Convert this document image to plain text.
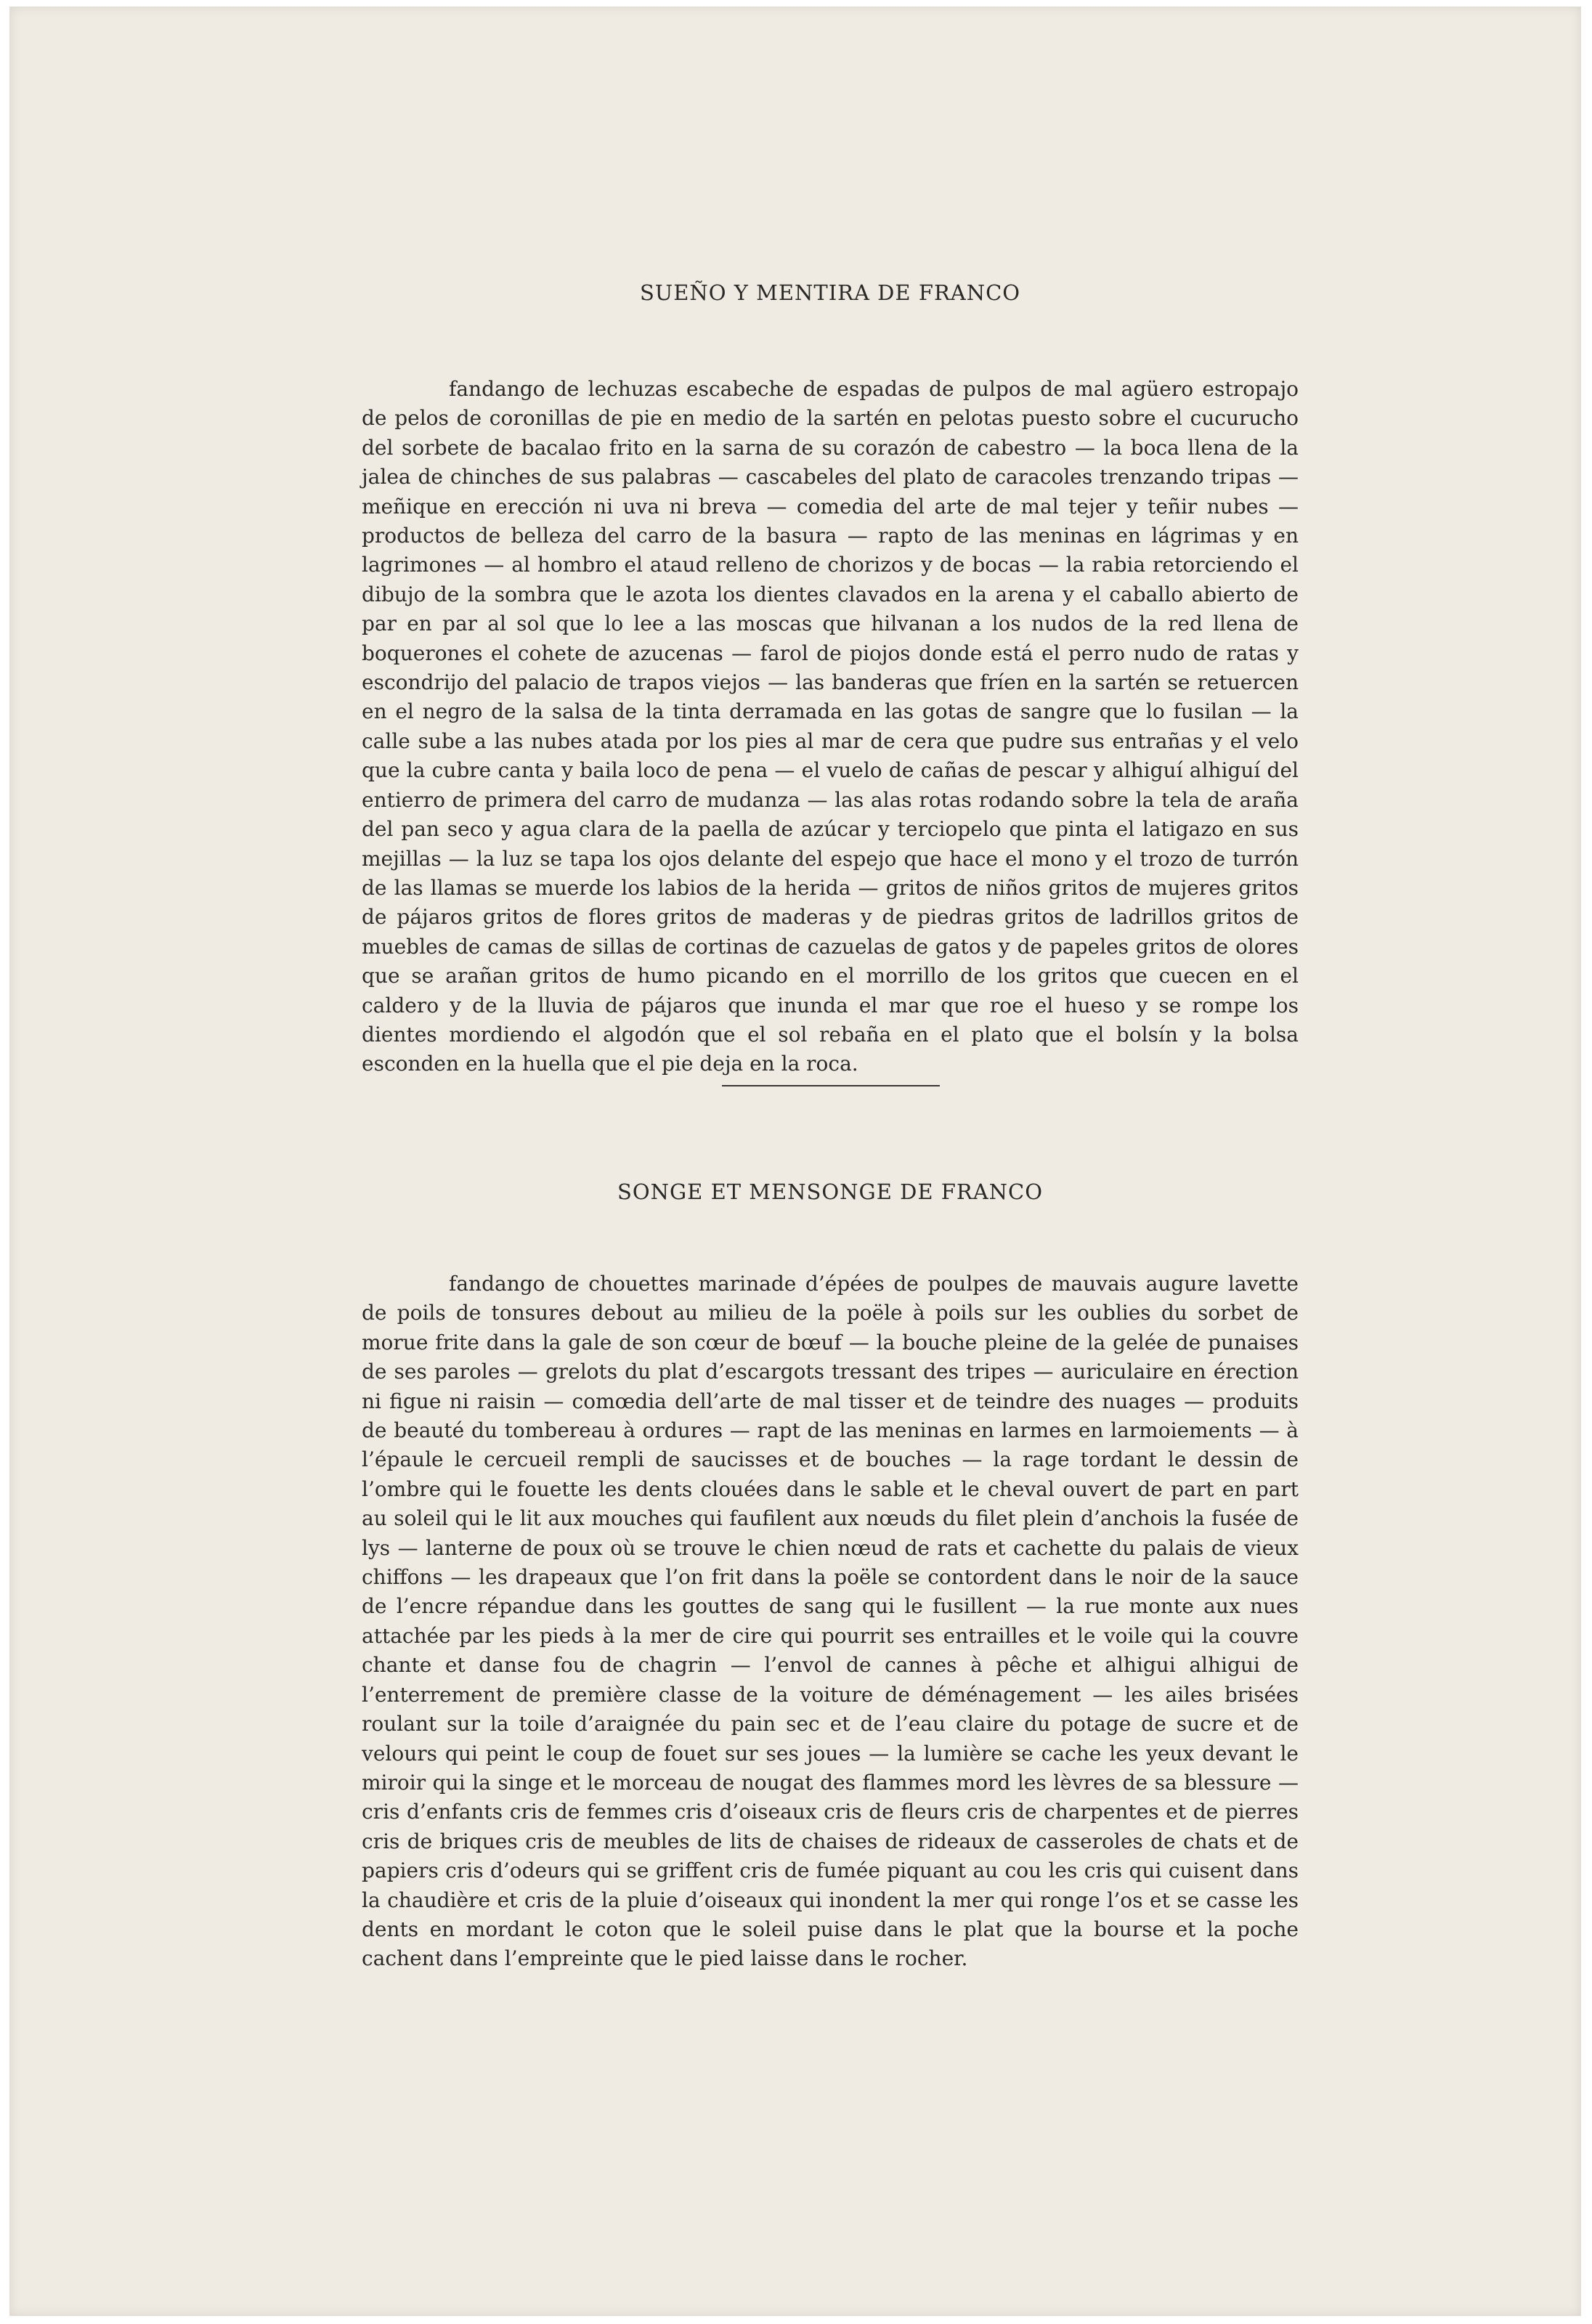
SUEÑO Y MENTIRA DE FRANCO

fandango de lechuzas escabeche de espadas de pulpos de mal agüero estropajo de pelos de coronillas de pie en medio de la sartén en pelotas puesto sobre el cucurucho del sorbete de bacalao frito en la sarna de su corazón de cabestro — la boca llena de la jalea de chinches de sus palabras — cascabeles del plato de caracoles trenzando tripas — meñique en erección ni uva ni breva — comedia del arte de mal tejer y teñir nubes — productos de belleza del carro de la basura — rapto de las meninas en lágrimas y en lagrimones — al hombro el ataud relleno de chorizos y de bocas — la rabia retorciendo el dibujo de la sombra que le azota los dientes clavados en la arena y el caballo abierto de par en par al sol que lo lee a las moscas que hilvanan a los nudos de la red llena de boquerones el cohete de azucenas — farol de piojos donde está el perro nudo de ratas y escondrijo del palacio de trapos viejos — las banderas que fríen en la sartén se retuercen en el negro de la salsa de la tinta derramada en las gotas de sangre que lo fusilan — la calle sube a las nubes atada por los pies al mar de cera que pudre sus entrañas y el velo que la cubre canta y baila loco de pena — el vuelo de cañas de pescar y alhiguí alhiguí del entierro de primera del carro de mudanza — las alas rotas rodando sobre la tela de araña del pan seco y agua clara de la paella de azúcar y terciopelo que pinta el latigazo en sus mejillas — la luz se tapa los ojos delante del espejo que hace el mono y el trozo de turrón de las llamas se muerde los labios de la herida — gritos de niños gritos de mujeres gritos de pájaros gritos de flores gritos de maderas y de piedras gritos de ladrillos gritos de muebles de camas de sillas de cortinas de cazuelas de gatos y de papeles gritos de olores que se arañan gritos de humo picando en el morrillo de los gritos que cuecen en el caldero y de la lluvia de pájaros que inunda el mar que roe el hueso y se rompe los dientes mordiendo el algodón que el sol rebaña en el plato que el bolsín y la bolsa esconden en la huella que el pie deja en la roca.

SONGE ET MENSONGE DE FRANCO

fandango de chouettes marinade d’épées de poulpes de mauvais augure lavette de poils de tonsures debout au milieu de la poële à poils sur les oublies du sorbet de morue frite dans la gale de son cœur de bœuf — la bouche pleine de la gelée de punaises de ses paroles — grelots du plat d’escargots tressant des tripes — auriculaire en érection ni figue ni raisin — comœdia dell’arte de mal tisser et de teindre des nuages — produits de beauté du tombereau à ordures — rapt de las meninas en larmes en larmoiements — à l’épaule le cercueil rempli de saucisses et de bouches — la rage tordant le dessin de l’ombre qui le fouette les dents clouées dans le sable et le cheval ouvert de part en part au soleil qui le lit aux mouches qui faufilent aux nœuds du filet plein d’anchois la fusée de lys — lanterne de poux où se trouve le chien nœud de rats et cachette du palais de vieux chiffons — les drapeaux que l’on frit dans la poële se contordent dans le noir de la sauce de l’encre répandue dans les gouttes de sang qui le fusillent — la rue monte aux nues attachée par les pieds à la mer de cire qui pourrit ses entrailles et le voile qui la couvre chante et danse fou de chagrin — l’envol de cannes à pêche et alhigui alhigui de l’enterrement de première classe de la voiture de déménagement — les ailes brisées roulant sur la toile d’araignée du pain sec et de l’eau claire du potage de sucre et de velours qui peint le coup de fouet sur ses joues — la lumière se cache les yeux devant le miroir qui la singe et le morceau de nougat des flammes mord les lèvres de sa blessure — cris d’enfants cris de femmes cris d’oiseaux cris de fleurs cris de charpentes et de pierres cris de briques cris de meubles de lits de chaises de rideaux de casseroles de chats et de papiers cris d’odeurs qui se griffent cris de fumée piquant au cou les cris qui cuisent dans la chaudière et cris de la pluie d’oiseaux qui inondent la mer qui ronge l’os et se casse les dents en mordant le coton que le soleil puise dans le plat que la bourse et la poche cachent dans l’empreinte que le pied laisse dans le rocher.
